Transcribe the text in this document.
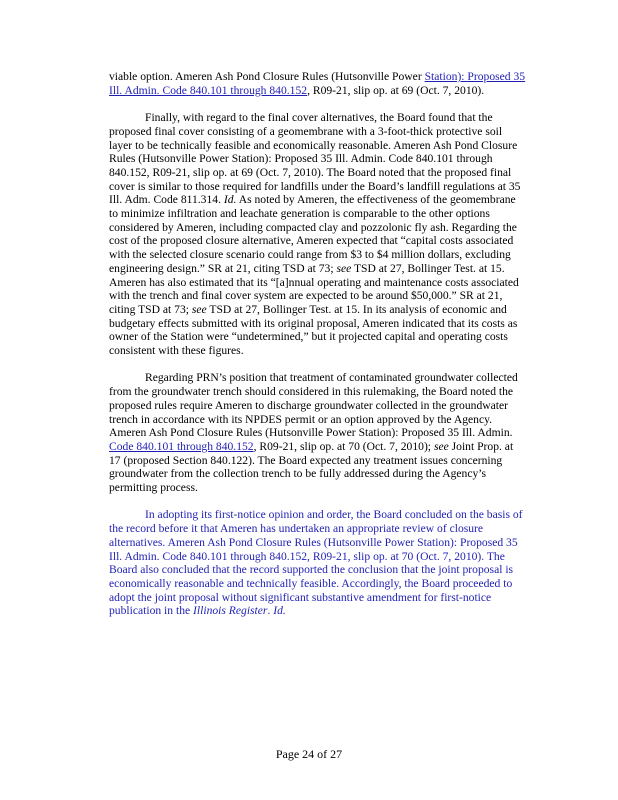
viable option. Ameren Ash Pond Closure Rules (Hutsonville Power Station): Proposed 35 Ill. Admin. Code 840.101 through 840.152, R09-21, slip op. at 69 (Oct. 7, 2010).

Finally, with regard to the final cover alternatives, the Board found that the proposed final cover consisting of a geomembrane with a 3-foot-thick protective soil layer to be technically feasible and economically reasonable. Ameren Ash Pond Closure Rules (Hutsonville Power Station): Proposed 35 Ill. Admin. Code 840.101 through 840.152, R09-21, slip op. at 69 (Oct. 7, 2010). The Board noted that the proposed final cover is similar to those required for landfills under the Board’s landfill regulations at 35 Ill. Adm. Code 811.314. Id. As noted by Ameren, the effectiveness of the geomembrane to minimize infiltration and leachate generation is comparable to the other options considered by Ameren, including compacted clay and pozzolonic fly ash. Regarding the cost of the proposed closure alternative, Ameren expected that “capital costs associated with the selected closure scenario could range from $3 to $4 million dollars, excluding engineering design.” SR at 21, citing TSD at 73; see TSD at 27, Bollinger Test. at 15. Ameren has also estimated that its “[a]nnual operating and maintenance costs associated with the trench and final cover system are expected to be around $50,000.” SR at 21, citing TSD at 73; see TSD at 27, Bollinger Test. at 15. In its analysis of economic and budgetary effects submitted with its original proposal, Ameren indicated that its costs as owner of the Station were “undetermined,” but it projected capital and operating costs consistent with these figures.

Regarding PRN’s position that treatment of contaminated groundwater collected from the groundwater trench should considered in this rulemaking, the Board noted the proposed rules require Ameren to discharge groundwater collected in the groundwater trench in accordance with its NPDES permit or an option approved by the Agency. Ameren Ash Pond Closure Rules (Hutsonville Power Station): Proposed 35 Ill. Admin. Code 840.101 through 840.152, R09-21, slip op. at 70 (Oct. 7, 2010); see Joint Prop. at 17 (proposed Section 840.122). The Board expected any treatment issues concerning groundwater from the collection trench to be fully addressed during the Agency’s permitting process.

In adopting its first-notice opinion and order, the Board concluded on the basis of the record before it that Ameren has undertaken an appropriate review of closure alternatives. Ameren Ash Pond Closure Rules (Hutsonville Power Station): Proposed 35 Ill. Admin. Code 840.101 through 840.152, R09-21, slip op. at 70 (Oct. 7, 2010). The Board also concluded that the record supported the conclusion that the joint proposal is economically reasonable and technically feasible. Accordingly, the Board proceeded to adopt the joint proposal without significant substantive amendment for first-notice publication in the Illinois Register. Id.

Page 24 of 27
